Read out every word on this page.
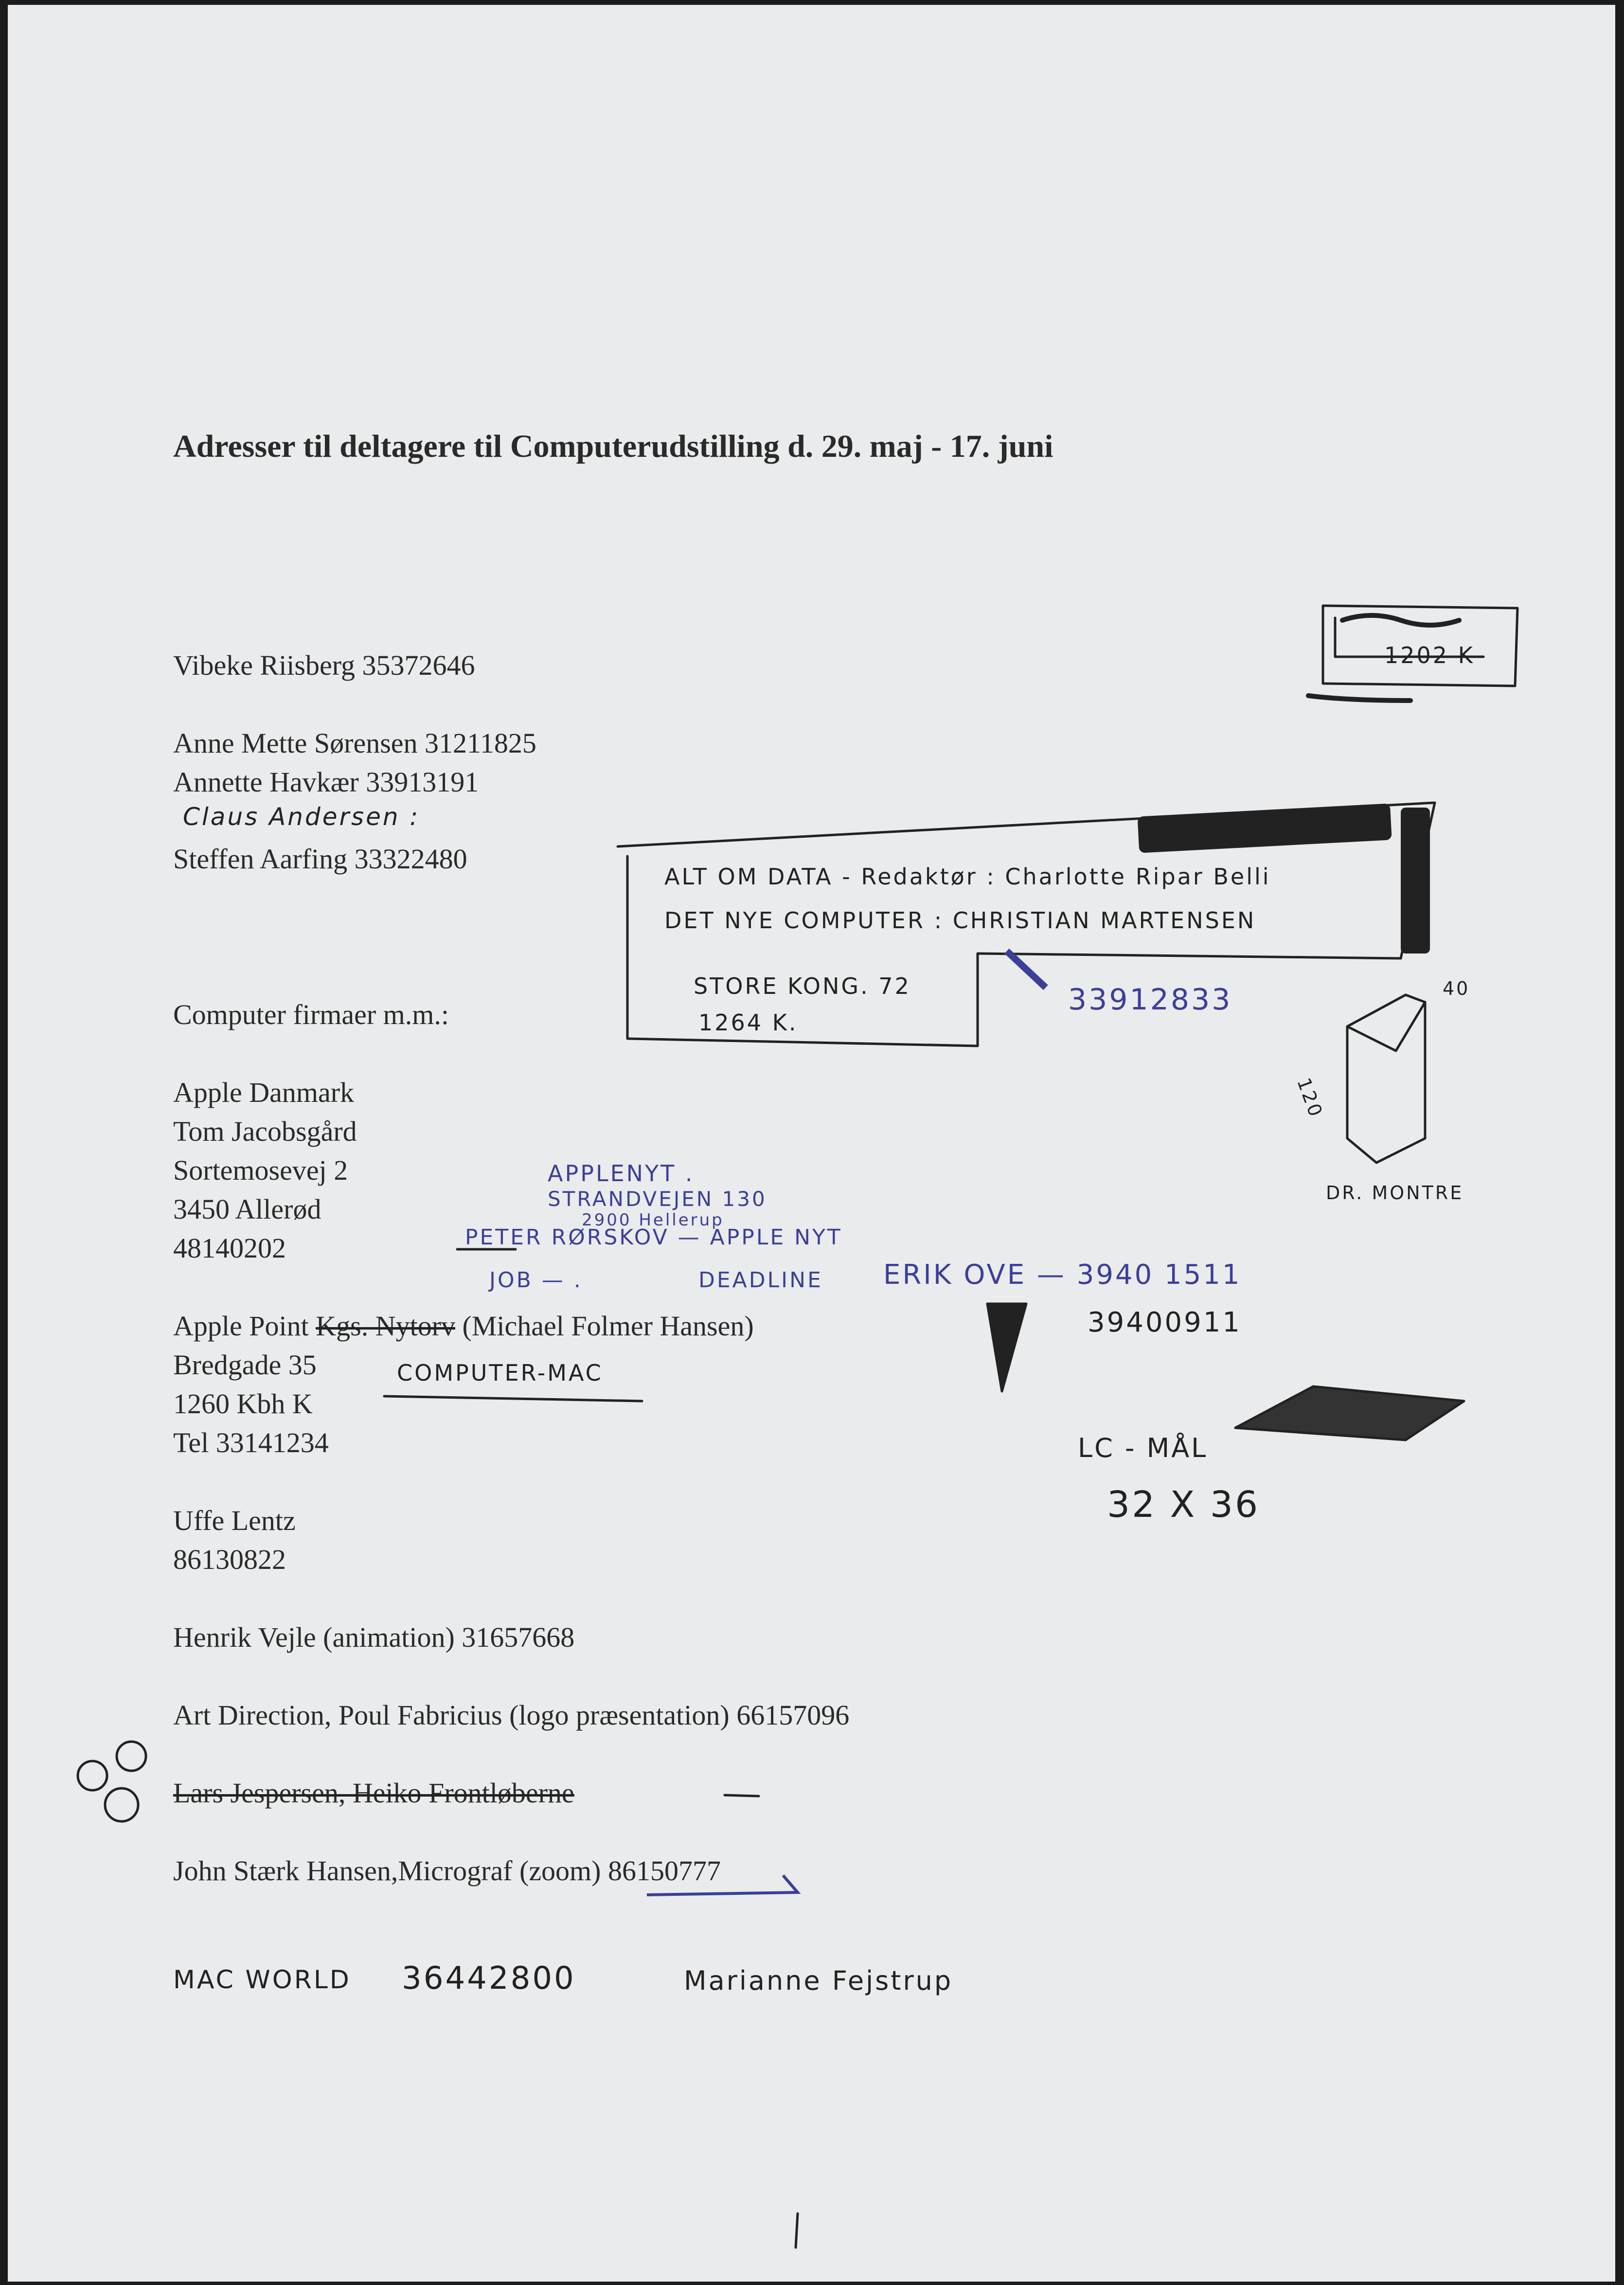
Adresser til deltagere til Computerudstilling d. 29. maj - 17. juni

Vibeke Riisberg 35372646

Anne Mette Sørensen 31211825

Annette Havkær 33913191

Steffen Aarfing 33322480

Computer firmaer m.m.:

Apple Danmark

Tom Jacobsgård

Sortemosevej 2

3450 Allerød

48140202

Apple Point Kgs. Nytorv (Michael Folmer Hansen)

Bredgade 35

1260 Kbh K

Tel 33141234

Uffe Lentz

86130822

Henrik Vejle (animation) 31657668

Art Direction, Poul Fabricius (logo præsentation) 66157096

Lars Jespersen, Heiko Frontløberne

John Stærk Hansen,Micrograf (zoom) 86150777

Claus Andersen :
1202 K
ALT OM DATA - Redaktør : Charlotte Ripar Belli
DET NYE COMPUTER : CHRISTIAN MARTENSEN
STORE KONG. 72
1264 K.
33912833
120
40
DR. MONTRE
APPLENYT .
STRANDVEJEN 130
2900 Hellerup
PETER RØRSKOV — APPLE NYT
JOB — .	DEADLINE ERIK OVE — 3940 1511
39400911
COMPUTER-MAC
LC - MÅL
32 X 36
MAC WORLD 36442800	Marianne Fejstrup
